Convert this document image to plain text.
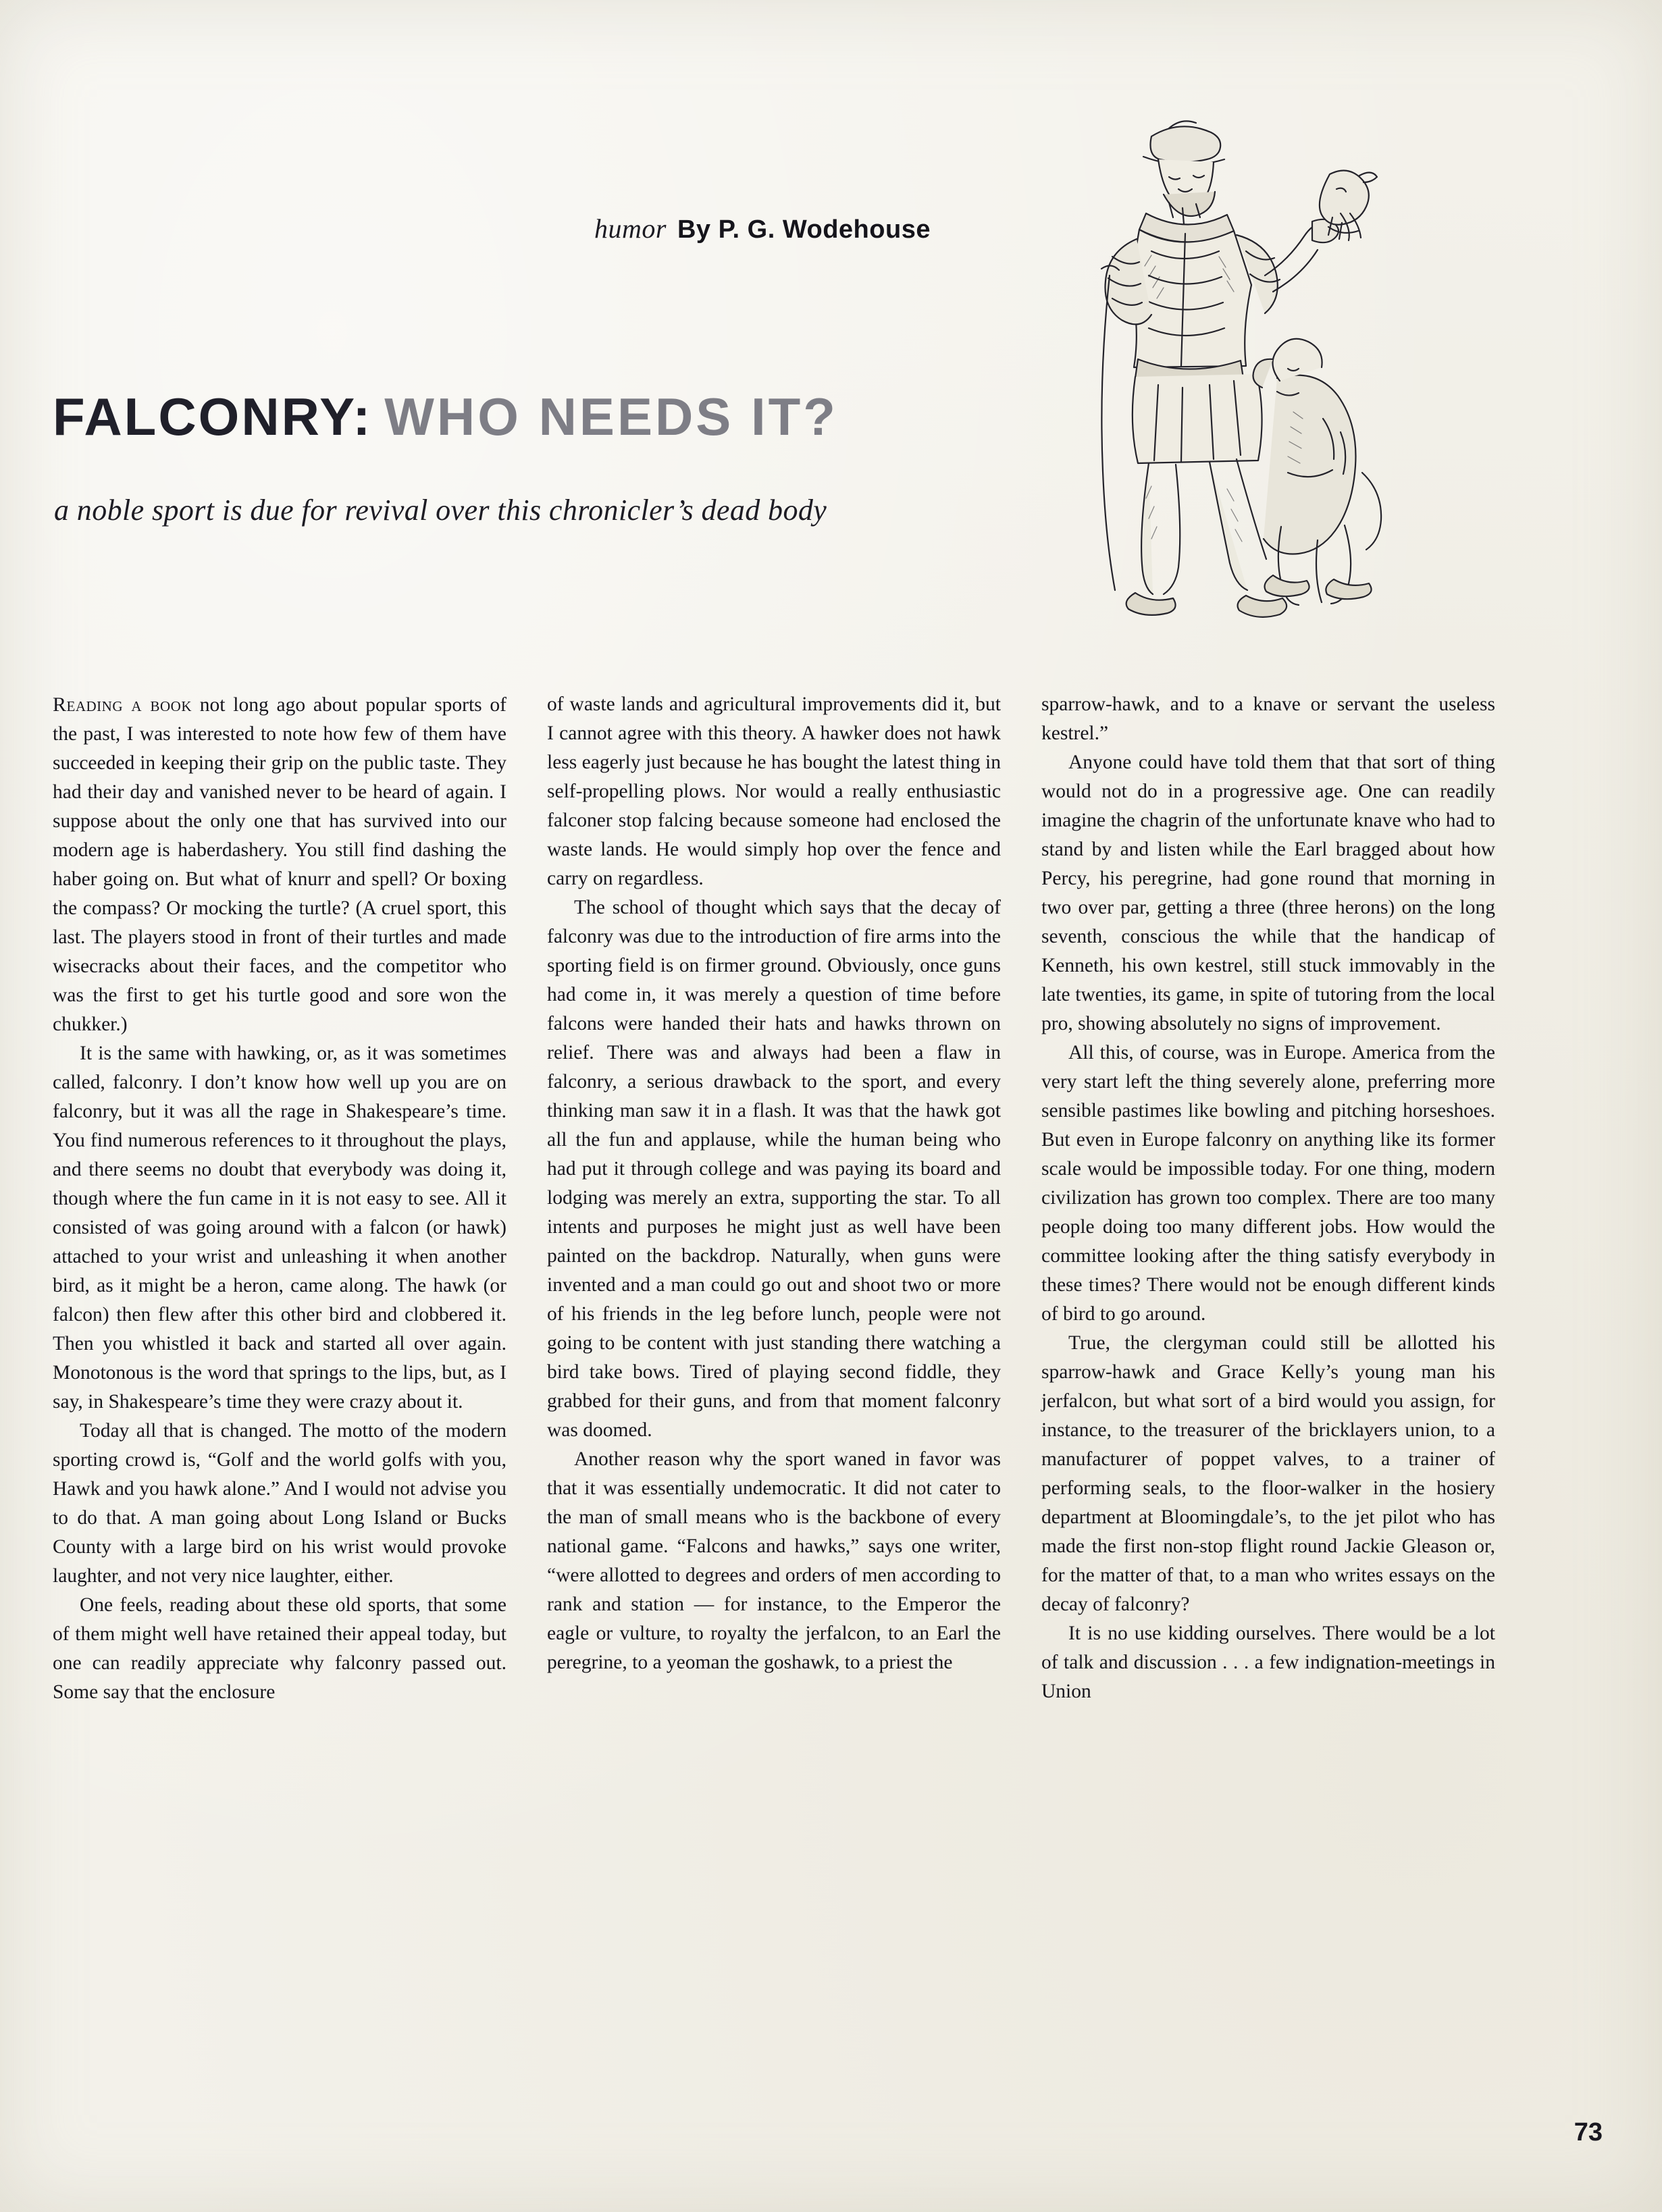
humor By P. G. Wodehouse
FALCONRY: WHO NEEDS IT?
a noble sport is due for revival over this chronicler’s dead body

Reading a book not long ago about popular sports of the past, I was interested to note how few of them have succeeded in keeping their grip on the public taste. They had their day and vanished never to be heard of again. I suppose about the only one that has survived into our modern age is haberdashery. You still find dashing the haber going on. But what of knurr and spell? Or boxing the compass? Or mocking the turtle? (A cruel sport, this last. The players stood in front of their turtles and made wisecracks about their faces, and the competitor who was the first to get his turtle good and sore won the chukker.)

It is the same with hawking, or, as it was sometimes called, falconry. I don’t know how well up you are on falconry, but it was all the rage in Shakespeare’s time. You find numerous references to it throughout the plays, and there seems no doubt that everybody was doing it, though where the fun came in it is not easy to see. All it consisted of was going around with a falcon (or hawk) attached to your wrist and unleashing it when another bird, as it might be a heron, came along. The hawk (or falcon) then flew after this other bird and clobbered it. Then you whistled it back and started all over again. Monotonous is the word that springs to the lips, but, as I say, in Shakespeare’s time they were crazy about it.

Today all that is changed. The motto of the modern sporting crowd is, “Golf and the world golfs with you, Hawk and you hawk alone.” And I would not advise you to do that. A man going about Long Island or Bucks County with a large bird on his wrist would provoke laughter, and not very nice laughter, either.

One feels, reading about these old sports, that some of them might well have retained their appeal today, but one can readily appreciate why falconry passed out. Some say that the enclosure

of waste lands and agricultural improvements did it, but I cannot agree with this theory. A hawker does not hawk less eagerly just because he has bought the latest thing in self-propelling plows. Nor would a really enthusiastic falconer stop falcing because someone had enclosed the waste lands. He would simply hop over the fence and carry on regardless.

The school of thought which says that the decay of falconry was due to the introduction of fire arms into the sporting field is on firmer ground. Obviously, once guns had come in, it was merely a question of time before falcons were handed their hats and hawks thrown on relief. There was and always had been a flaw in falconry, a serious drawback to the sport, and every thinking man saw it in a flash. It was that the hawk got all the fun and applause, while the human being who had put it through college and was paying its board and lodging was merely an extra, supporting the star. To all intents and purposes he might just as well have been painted on the backdrop. Naturally, when guns were invented and a man could go out and shoot two or more of his friends in the leg before lunch, people were not going to be content with just standing there watching a bird take bows. Tired of playing second fiddle, they grabbed for their guns, and from that moment falconry was doomed.

Another reason why the sport waned in favor was that it was essentially undemocratic. It did not cater to the man of small means who is the backbone of every national game. “Falcons and hawks,” says one writer, “were allotted to degrees and orders of men according to rank and station — for instance, to the Emperor the eagle or vulture, to royalty the jerfalcon, to an Earl the peregrine, to a yeoman the goshawk, to a priest the

sparrow-hawk, and to a knave or servant the useless kestrel.”

Anyone could have told them that that sort of thing would not do in a progressive age. One can readily imagine the chagrin of the unfortunate knave who had to stand by and listen while the Earl bragged about how Percy, his peregrine, had gone round that morning in two over par, getting a three (three herons) on the long seventh, conscious the while that the handicap of Kenneth, his own kestrel, still stuck immovably in the late twenties, its game, in spite of tutoring from the local pro, showing absolutely no signs of improvement.

All this, of course, was in Europe. America from the very start left the thing severely alone, preferring more sensible pastimes like bowling and pitching horseshoes. But even in Europe falconry on anything like its former scale would be impossible today. For one thing, modern civilization has grown too complex. There are too many people doing too many different jobs. How would the committee looking after the thing satisfy everybody in these times? There would not be enough different kinds of bird to go around.

True, the clergyman could still be allotted his sparrow-hawk and Grace Kelly’s young man his jerfalcon, but what sort of a bird would you assign, for instance, to the treasurer of the bricklayers union, to a manufacturer of poppet valves, to a trainer of performing seals, to the floor-walker in the hosiery department at Bloomingdale’s, to the jet pilot who has made the first non-stop flight round Jackie Gleason or, for the matter of that, to a man who writes essays on the decay of falconry?

It is no use kidding ourselves. There would be a lot of talk and discussion . . . a few indignation-meetings in Union

73
